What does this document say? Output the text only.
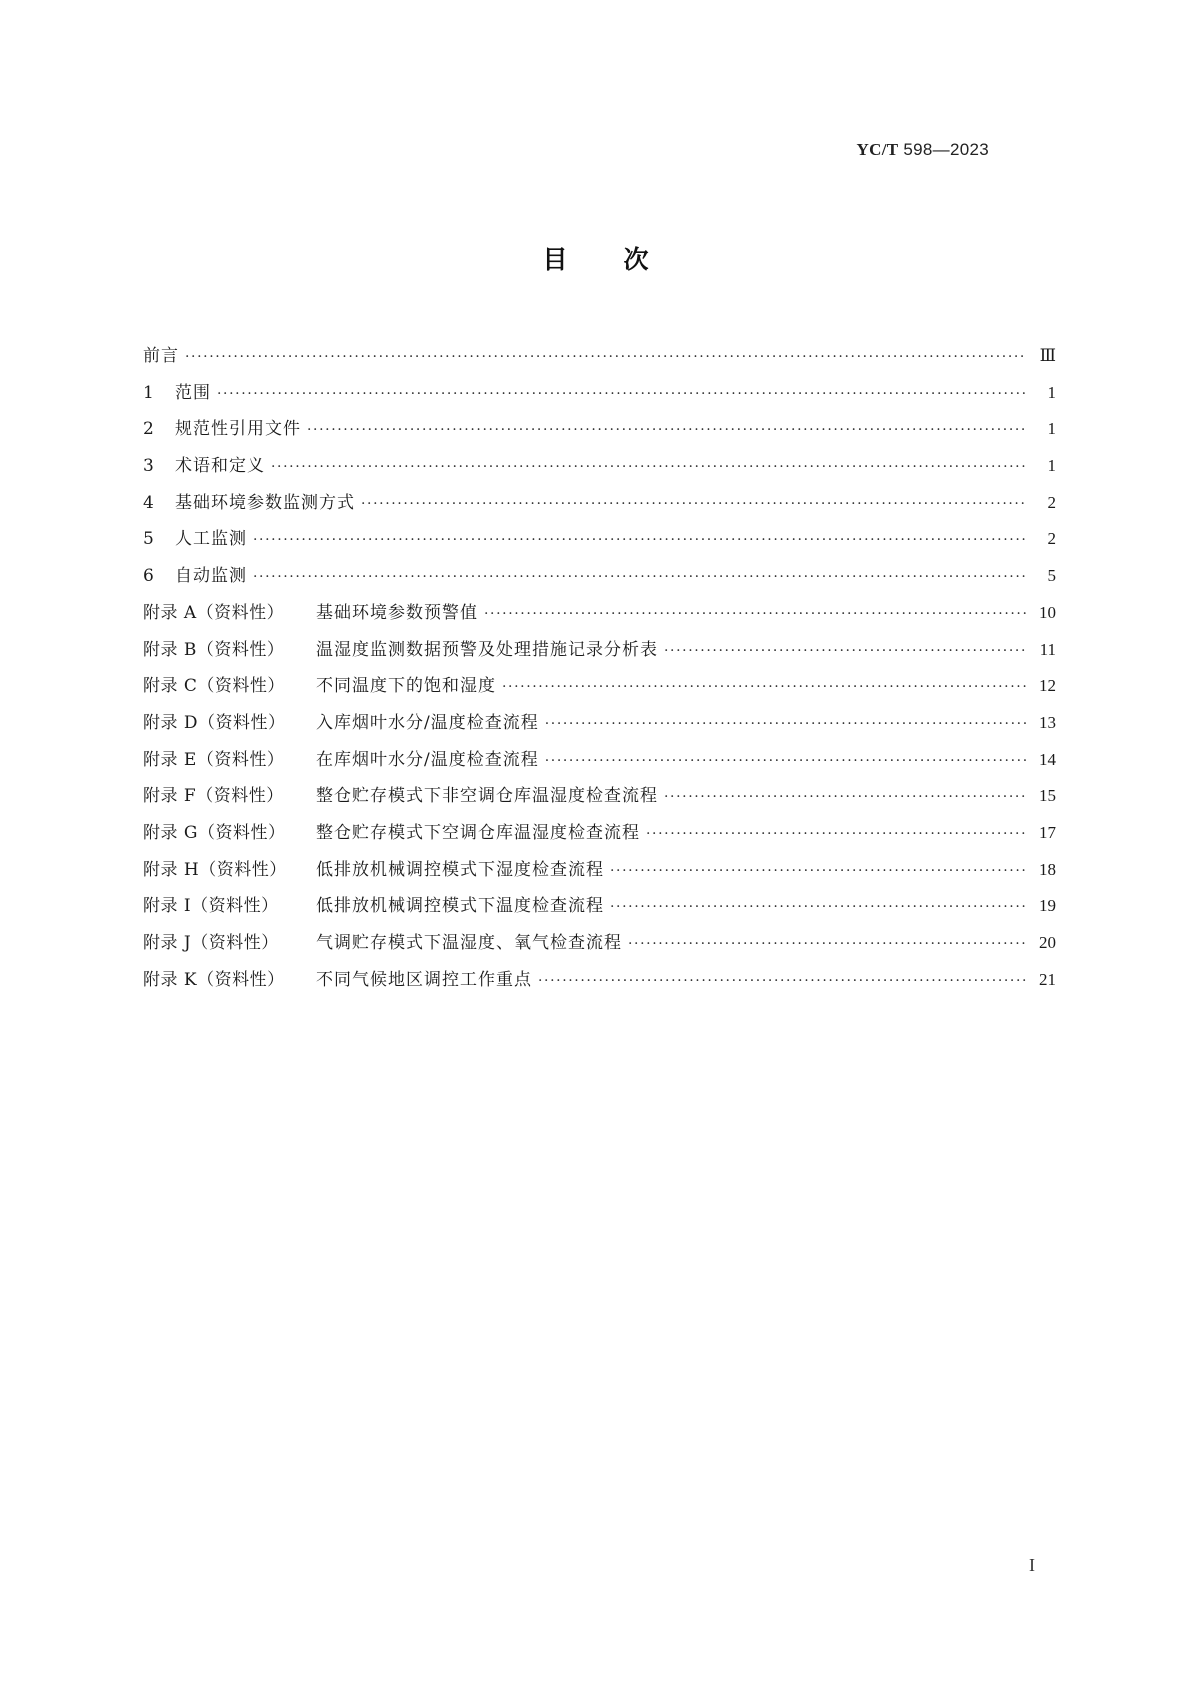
YC/T 598—2023
目次
前言 ·····	Ⅲ
1 范围 ·····	1
2 规范性引用文件 ·····	1
3 术语和定义 ·····	1
4 基础环境参数监测方式 ·····	2
5 人工监测 ·····	2
6 自动监测 ·····	5
附录 A（资料性） 基础环境参数预警值 ·····	10
附录 B（资料性） 温湿度监测数据预警及处理措施记录分析表 ·····	11
附录 C（资料性） 不同温度下的饱和湿度 ·····	12
附录 D（资料性） 入库烟叶水分/温度检查流程 ·····	13
附录 E（资料性） 在库烟叶水分/温度检查流程 ·····	14
附录 F（资料性） 整仓贮存模式下非空调仓库温湿度检查流程 ·····	15
附录 G（资料性） 整仓贮存模式下空调仓库温湿度检查流程 ·····	17
附录 H（资料性） 低排放机械调控模式下湿度检查流程 ·····	18
附录 I（资料性） 低排放机械调控模式下温度检查流程 ·····	19
附录 J（资料性） 气调贮存模式下温湿度、氧气检查流程 ·····	20
附录 K（资料性） 不同气候地区调控工作重点 ·····	21
I
